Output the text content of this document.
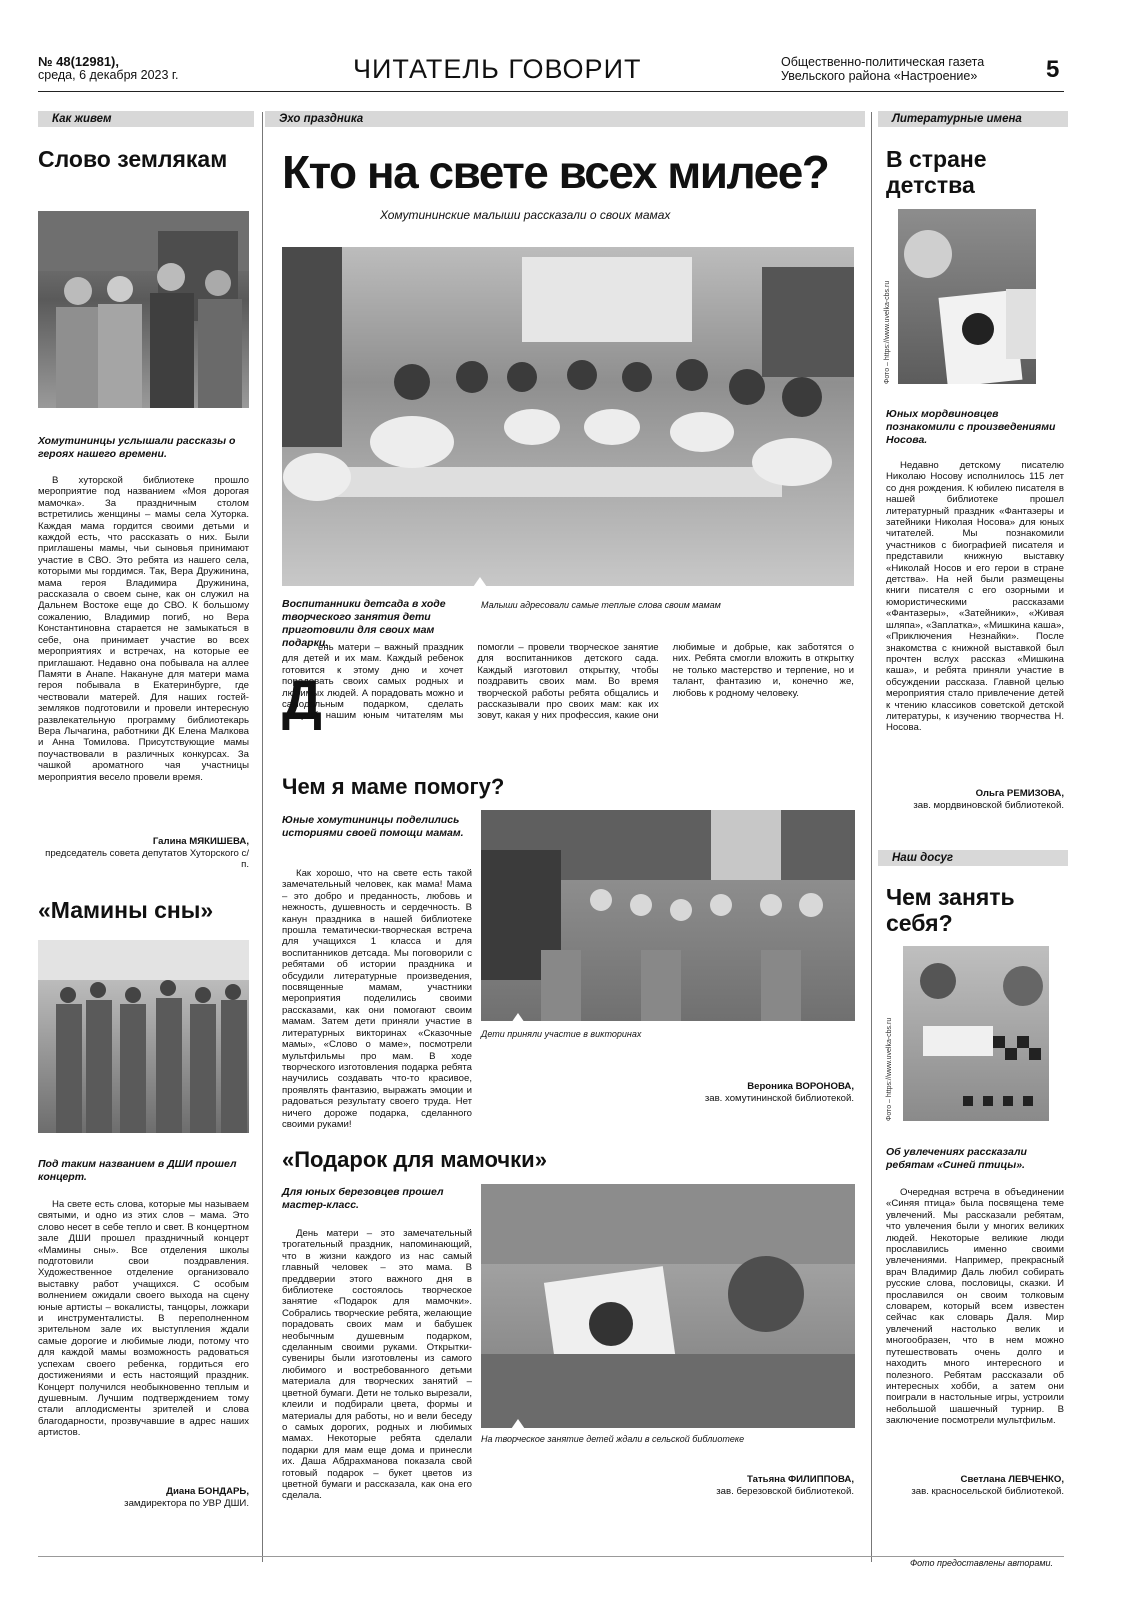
№ 48(12981),
среда, 6 декабря 2023 г.	ЧИТАТЕЛЬ ГОВОРИТ	Общественно-политическая газета
Увельского района «Настроение»	5
Как живем
Слово землякам
Хомутининцы услышали рассказы о героях нашего времени.

В хуторской библиотеке прошло мероприятие под названием «Моя дорогая мамочка». За праздничным столом встретились женщины – мамы села Хуторка. Каждая мама гордится своими детьми и каждой есть, что рассказать о них. Были приглашены мамы, чьи сыновья принимают участие в СВО. Это ребята из нашего села, которыми мы гордимся. Так, Вера Дружинина, мама героя Владимира Дружинина, рассказала о своем сыне, как он служил на Дальнем Востоке еще до СВО. К большому сожалению, Владимир погиб, но Вера Константиновна старается не замыкаться в себе, она принимает участие во всех мероприятиях и встречах, на которые ее приглашают. Недавно она побывала на аллее Памяти в Анапе. Накануне для матери мама героя побывала в Екатеринбурге, где чествовали матерей. Для наших гостей-земляков подготовили и провели интересную развлекательную программу библиотекарь Вера Лычагина, работники ДК Елена Малкова и Анна Томилова. Присутствующие мамы поучаствовали в различных конкурсах. За чашкой ароматного чая участницы мероприятия весело провели время.

Галина МЯКИШЕВА,
председатель совета депутатов Хуторского с/п.
«Мамины сны»
Под таким названием в ДШИ прошел концерт.

На свете есть слова, которые мы называем святыми, и одно из этих слов – мама. Это слово несет в себе тепло и свет. В концертном зале ДШИ прошел праздничный концерт «Мамины сны». Все отделения школы подготовили свои поздравления. Художественное отделение организовало выставку работ учащихся. С особым волнением ожидали своего выхода на сцену юные артисты – вокалисты, танцоры, ложкари и инструменталисты. В переполненном зрительном зале их выступления ждали самые дорогие и любимые люди, потому что для каждой мамы возможность радоваться успехам своего ребенка, гордиться его достижениями и есть настоящий праздник. Концерт получился необыкновенно теплым и душевным. Лучшим подтверждением тому стали аплодисменты зрителей и слова благодарности, прозвучавшие в адрес наших артистов.

Диана БОНДАРЬ,
замдиректора по УВР ДШИ.
Эхо праздника
Кто на свете всех милее?
Хомутининские малыши рассказали о своих мамах
Воспитанники детсада в ходе творческого занятия дети приготовили для своих мам подарки.
Малыши адресовали самые теплые слова своим мамам
Д
ень матери – важный праздник для детей и их мам. Каждый ребенок готовится к этому дню и хочет порадовать своих самых родных и любимых людей. А порадовать можно и самодельным подарком, сделать который нашим юным читателям мы помогли – провели творческое занятие для воспитанников детского сада. Каждый изготовил открытку, чтобы поздравить своих мам. Во время творческой работы ребята общались и рассказывали про своих мам: как их зовут, какая у них профессия, какие они любимые и добрые, как заботятся о них. Ребята смогли вложить в открытку не только мастерство и терпение, но и талант, фантазию и, конечно же, любовь к родному человеку.
Чем я маме помогу?
Юные хомутининцы поделились историями своей помощи мамам.
Дети приняли участие в викторинах

Как хорошо, что на свете есть такой замечательный человек, как мама! Мама – это добро и преданность, любовь и нежность, душевность и сердечность. В канун праздника в нашей библиотеке прошла тематически-творческая встреча для учащихся 1 класса и для воспитанников детсада. Мы поговорили с ребятами об истории праздника и обсудили литературные произведения, посвященные мамам, участники мероприятия поделились своими рассказами, как они помогают своим мамам. Затем дети приняли участие в литературных викторинах «Сказочные мамы», «Слово о маме», посмотрели мультфильмы про мам. В ходе творческого изготовления подарка ребята научились создавать что-то красивое, проявлять фантазию, выражать эмоции и радоваться результату своего труда. Нет ничего дороже подарка, сделанного своими руками!

Вероника ВОРОНОВА,
зав. хомутининской библиотекой.
«Подарок для мамочки»
Для юных березовцев прошел мастер-класс.
На творческое занятие детей ждали в сельской библиотеке

День матери – это замечательный трогательный праздник, напоминающий, что в жизни каждого из нас самый главный человек – это мама. В преддверии этого важного дня в библиотеке состоялось творческое занятие «Подарок для мамочки». Собрались творческие ребята, желающие порадовать своих мам и бабушек необычным душевным подарком, сделанным своими руками. Открытки-сувениры были изготовлены из самого любимого и востребованного детьми материала для творческих занятий – цветной бумаги. Дети не только вырезали, клеили и подбирали цвета, формы и материалы для работы, но и вели беседу о самых дорогих, родных и любимых мамах. Некоторые ребята сделали подарки для мам еще дома и принесли их. Даша Абдрахманова показала свой готовый подарок – букет цветов из цветной бумаги и рассказала, как она его сделала.

Татьяна ФИЛИППОВА,
зав. березовской библиотекой.
Литературные имена
В стране детства
Фото – https://www.uvelka-cbs.ru
Юных мордвиновцев познакомили с произведениями Носова.

Недавно детскому писателю Николаю Носову исполнилось 115 лет со дня рождения. К юбилею писателя в нашей библиотеке прошел литературный праздник «Фантазеры и затейники Николая Носова» для юных читателей. Мы познакомили участников с биографией писателя и представили книжную выставку «Николай Носов и его герои в стране детства». На ней были размещены книги писателя с его озорными и юмористическими рассказами «Фантазеры», «Затейники», «Живая шляпа», «Заплатка», «Мишкина каша», «Приключения Незнайки». После знакомства с книжной выставкой был прочтен вслух рассказ «Мишкина каша», и ребята приняли участие в обсуждении рассказа. Главной целью мероприятия стало привлечение детей к чтению классиков советской детской литературы, к изучению творчества Н. Носова.

Ольга РЕМИЗОВА,
зав. мордвиновской библиотекой.
Наш досуг
Чем занять себя?
Фото – https://www.uvelka-cbs.ru
Об увлечениях рассказали ребятам «Синей птицы».

Очередная встреча в объединении «Синяя птица» была посвящена теме увлечений. Мы рассказали ребятам, что увлечения были у многих великих людей. Некоторые великие люди прославились именно своими увлечениями. Например, прекрасный врач Владимир Даль любил собирать русские слова, пословицы, сказки. И прославился он своим толковым словарем, который всем известен сейчас как словарь Даля. Мир увлечений настолько велик и многообразен, что в нем можно путешествовать очень долго и находить много интересного и полезного. Ребятам рассказали об интересных хобби, а затем они поиграли в настольные игры, устроили небольшой шашечный турнир. В заключение посмотрели мультфильм.

Светлана ЛЕВЧЕНКО,
зав. красносельской библиотекой.
Фото предоставлены авторами.
